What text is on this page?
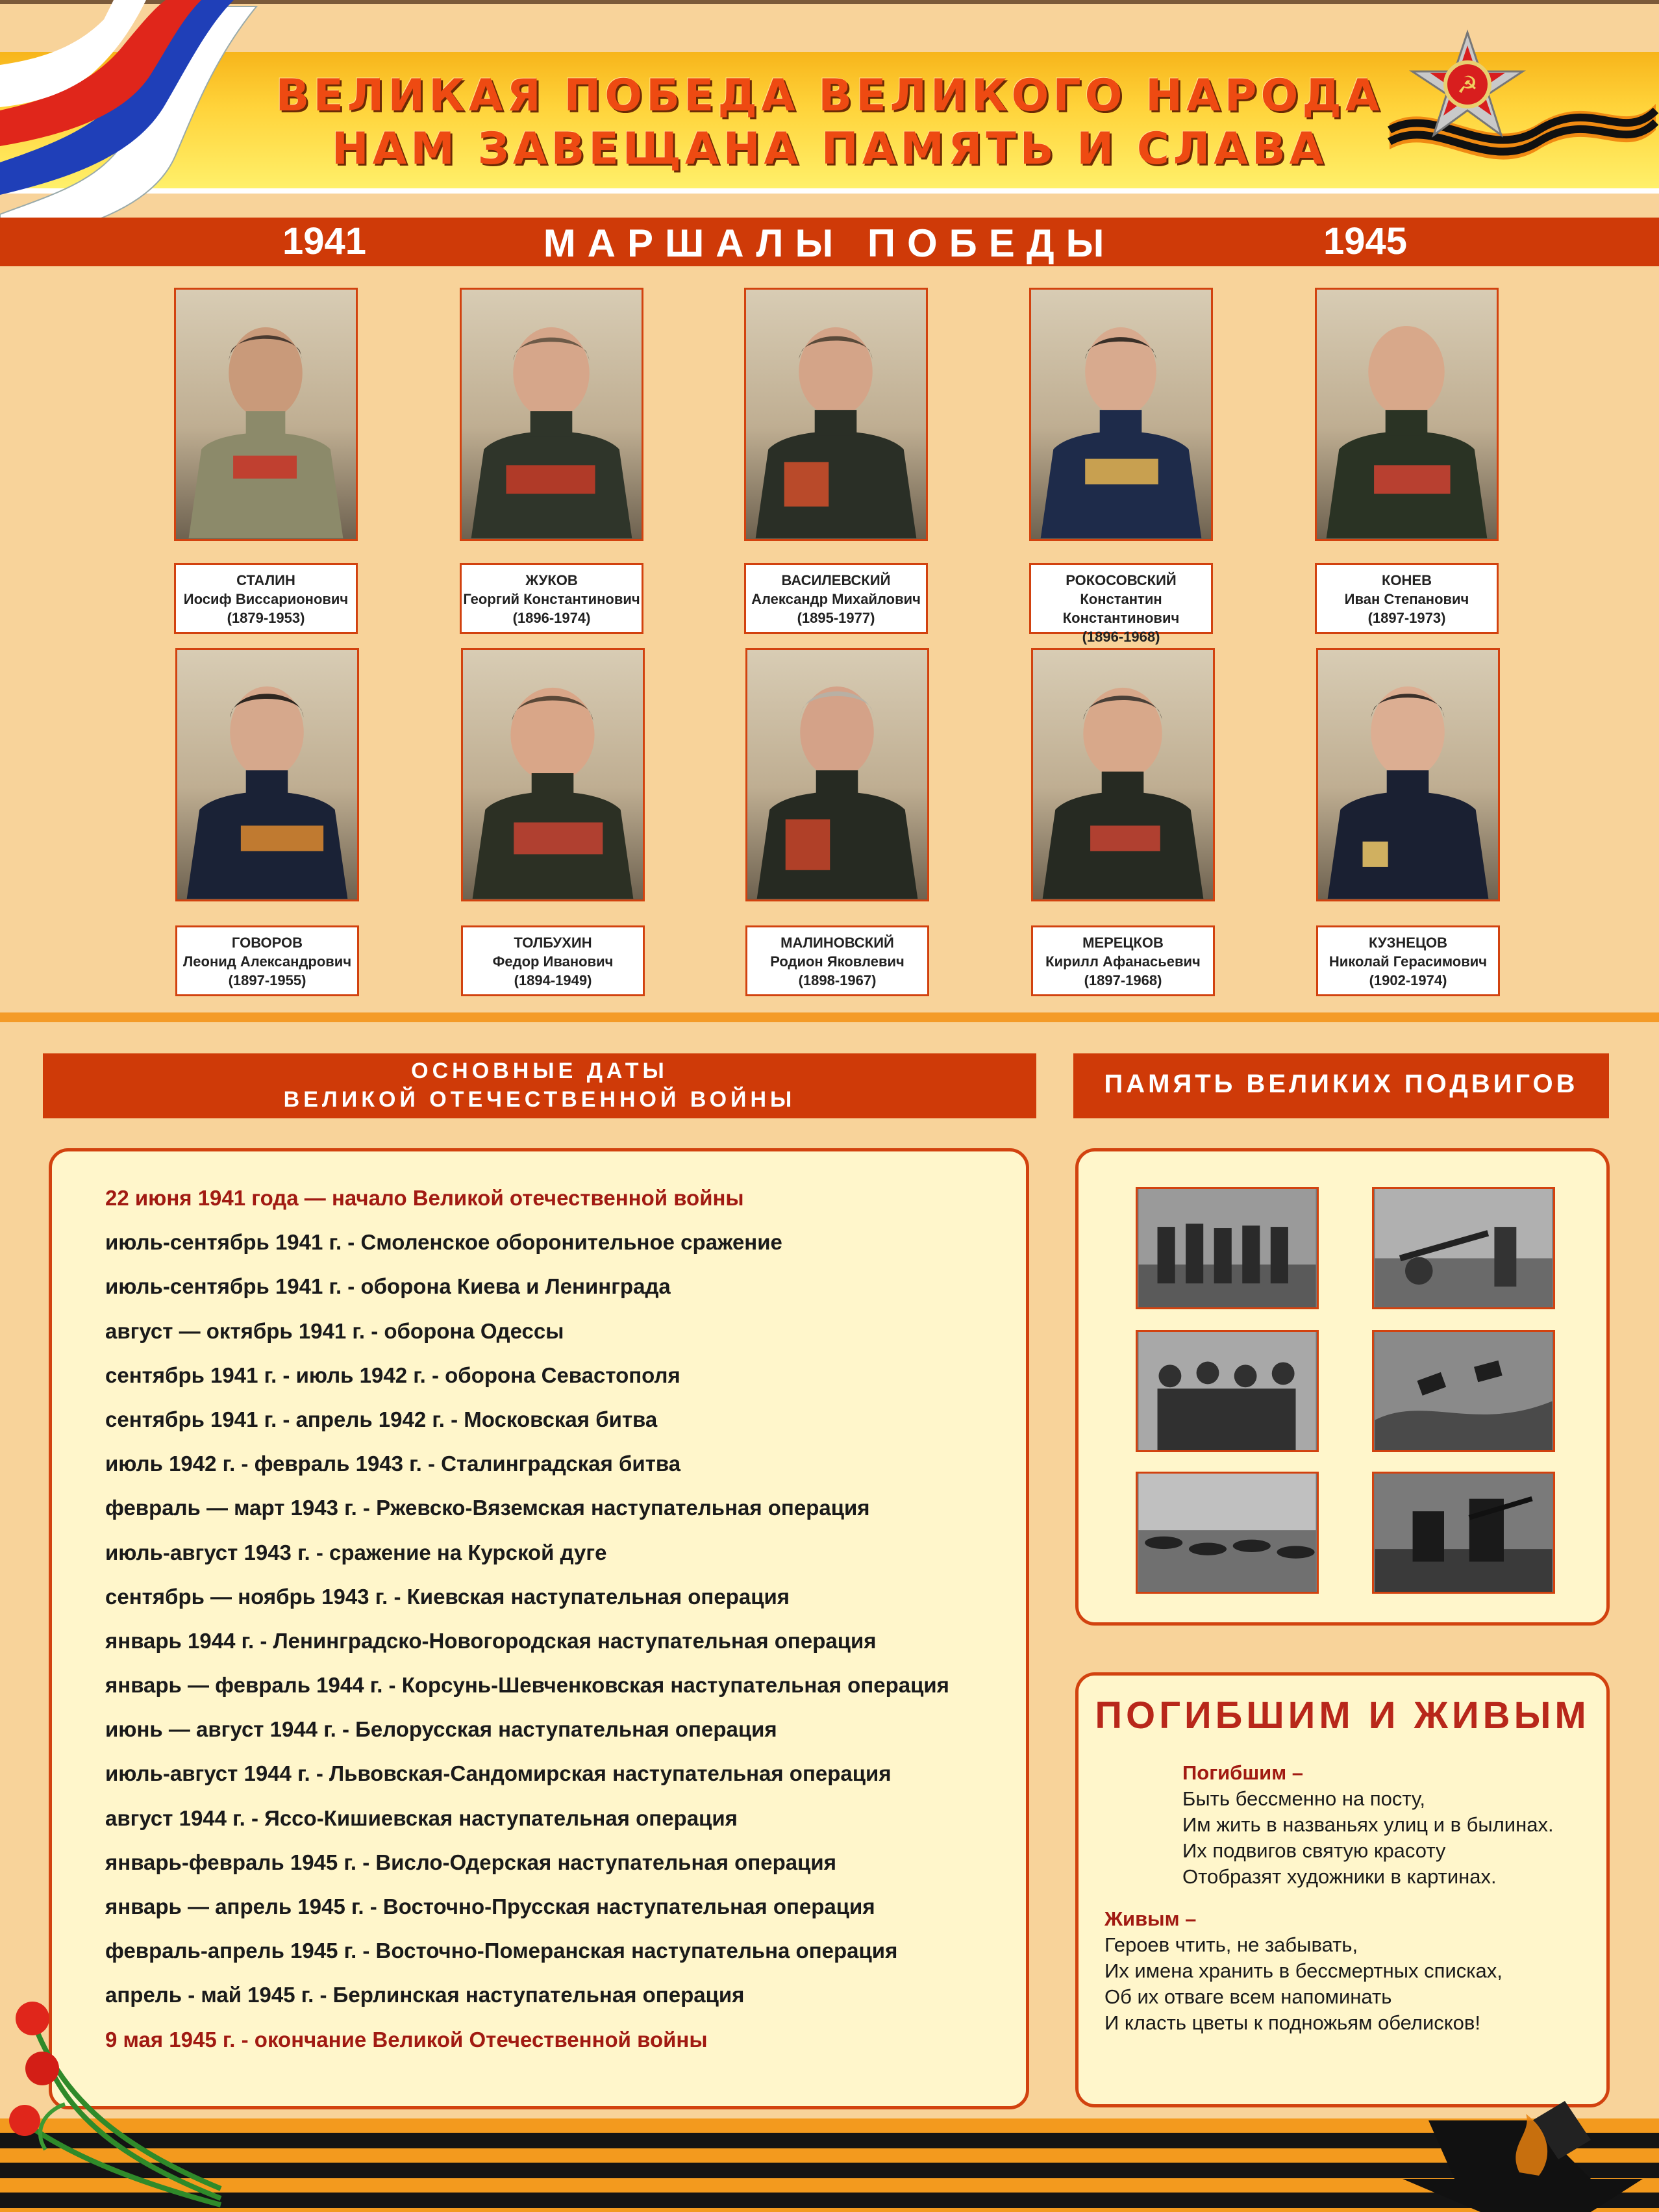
☭
ВЕЛИКАЯ ПОБЕДА ВЕЛИКОГО НАРОДА
НАМ ЗАВЕЩАНА ПАМЯТЬ И СЛАВА
1941	МАРШАЛЫ ПОБЕДЫ	1945
СТАЛИН
Иосиф Виссарионович
(1879-1953)
ЖУКОВ
Георгий Константинович
(1896-1974)
ВАСИЛЕВСКИЙ
Александр Михайлович
(1895-1977)
РОКОСОВСКИЙ
Константин Константинович
(1896-1968)
КОНЕВ
Иван Степанович
(1897-1973)
ГОВОРОВ
Леонид Александрович
(1897-1955)
ТОЛБУХИН
Федор Иванович
(1894-1949)
МАЛИНОВСКИЙ
Родион Яковлевич
(1898-1967)
МЕРЕЦКОВ
Кирилл Афанасьевич
(1897-1968)
КУЗНЕЦОВ
Николай Герасимович
(1902-1974)
ОСНОВНЫЕ ДАТЫ
ВЕЛИКОЙ ОТЕЧЕСТВЕННОЙ ВОЙНЫ
22 июня 1941 года — начало Великой отечественной войны
июль-сентябрь 1941 г. - Смоленское оборонительное сражение
июль-сентябрь 1941 г. - оборона Киева и Ленинграда
август — октябрь 1941 г. - оборона Одессы
сентябрь 1941 г. - июль 1942 г. - оборона Севастополя
сентябрь 1941 г. - апрель 1942 г. - Московская битва
июль 1942 г. - февраль 1943 г. - Сталинградская битва
февраль — март 1943 г. - Ржевско-Вяземская наступательная операция
июль-август 1943 г. - сражение на Курской дуге
сентябрь — ноябрь 1943 г. - Киевская наступательная операция
январь 1944 г. - Ленинградско-Новогородская наступательная операция
январь — февраль 1944 г. - Корсунь-Шевченковская наступательная операция
июнь — август 1944 г. - Белорусская наступательная операция
июль-август 1944 г. - Львовская-Сандомирская наступательная операция
август 1944 г. - Яссо-Кишиевская наступательная операция
январь-февраль 1945 г. - Висло-Одерская наступательная операция
январь — апрель 1945 г. - Восточно-Прусская наступательная операция
февраль-апрель 1945 г. - Восточно-Померанская наступательна операция
апрель - май 1945 г. - Берлинская наступательная операция
9 мая 1945 г. - окончание Великой Отечественной войны
ПАМЯТЬ ВЕЛИКИХ ПОДВИГОВ
ПОГИБШИМ И ЖИВЫМ
Погибшим –
Быть бессменно на посту,
Им жить в названьях улиц и в былинах.
Их подвигов святую красоту
Отобразят художники в картинах.
Живым –
Героев чтить, не забывать,
Их имена хранить в бессмертных списках,
Об их отваге всем напоминать
И класть цветы к подножьям обелисков!
